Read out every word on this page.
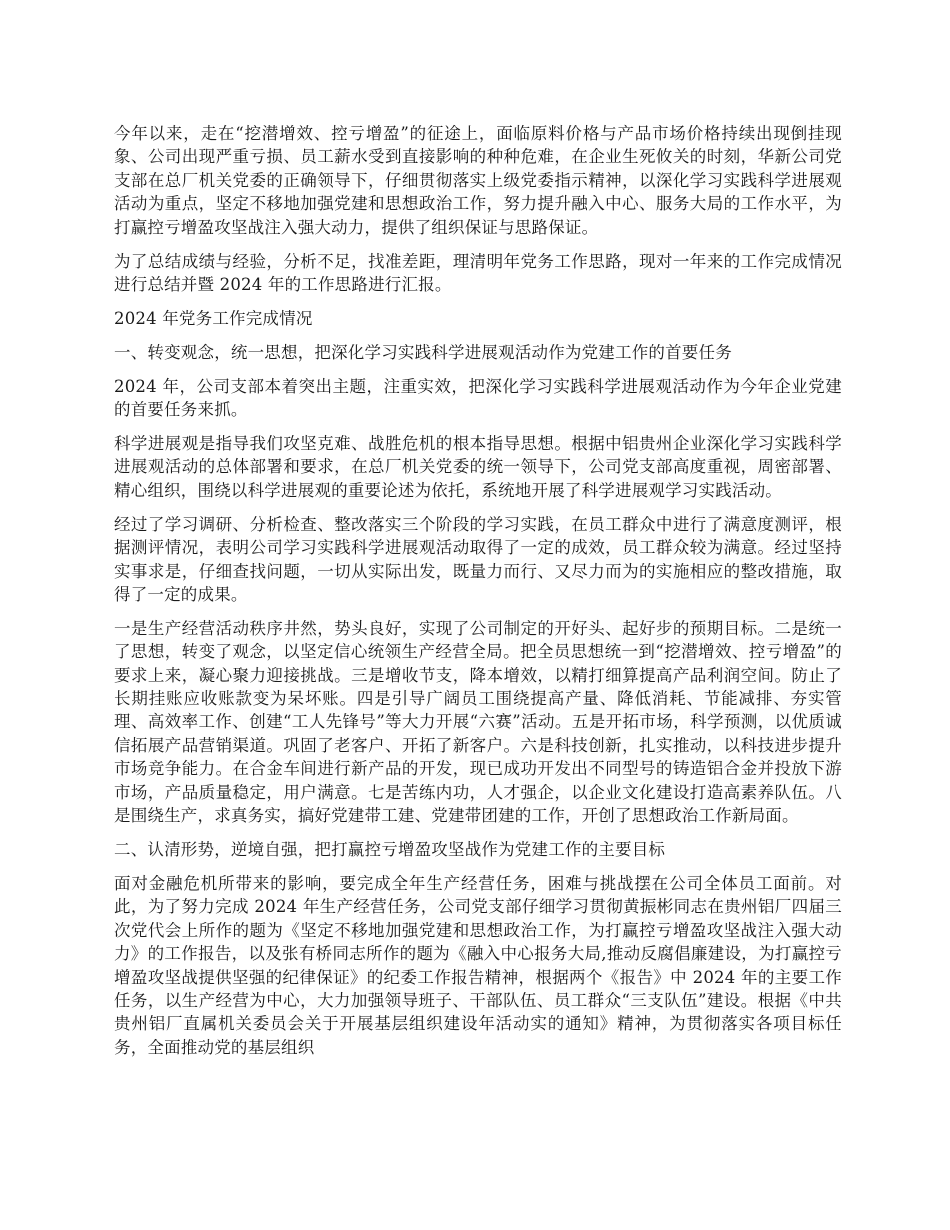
今年以来，走在“挖潜增效、控亏增盈”的征途上，面临原料价格与产品市场价格持续出现倒挂现象、公司出现严重亏损、员工薪水受到直接影响的种种危难，在企业生死攸关的时刻，华新公司党支部在总厂机关党委的正确领导下，仔细贯彻落实上级党委指示精神，以深化学习实践科学进展观活动为重点，坚定不移地加强党建和思想政治工作，努力提升融入中心、服务大局的工作水平，为打赢控亏增盈攻坚战注入强大动力，提供了组织保证与思路保证。

为了总结成绩与经验，分析不足，找准差距，理清明年党务工作思路，现对一年来的工作完成情况进行总结并暨 2024 年的工作思路进行汇报。

2024 年党务工作完成情况

一、转变观念，统一思想，把深化学习实践科学进展观活动作为党建工作的首要任务

2024 年，公司支部本着突出主题，注重实效，把深化学习实践科学进展观活动作为今年企业党建的首要任务来抓。

科学进展观是指导我们攻坚克难、战胜危机的根本指导思想。根据中铝贵州企业深化学习实践科学进展观活动的总体部署和要求，在总厂机关党委的统一领导下，公司党支部高度重视，周密部署、精心组织，围绕以科学进展观的重要论述为依托，系统地开展了科学进展观学习实践活动。

经过了学习调研、分析检查、整改落实三个阶段的学习实践，在员工群众中进行了满意度测评，根据测评情况，表明公司学习实践科学进展观活动取得了一定的成效，员工群众较为满意。经过坚持实事求是，仔细查找问题，一切从实际出发，既量力而行、又尽力而为的实施相应的整改措施，取得了一定的成果。

一是生产经营活动秩序井然，势头良好，实现了公司制定的开好头、起好步的预期目标。二是统一了思想，转变了观念，以坚定信心统领生产经营全局。把全员思想统一到“挖潜增效、控亏增盈”的要求上来，凝心聚力迎接挑战。三是增收节支，降本增效，以精打细算提高产品利润空间。防止了长期挂账应收账款变为呆坏账。四是引导广阔员工围绕提高产量、降低消耗、节能减排、夯实管理、高效率工作、创建“工人先锋号”等大力开展“六赛”活动。五是开拓市场，科学预测，以优质诚信拓展产品营销渠道。巩固了老客户、开拓了新客户。六是科技创新，扎实推动，以科技进步提升市场竞争能力。在合金车间进行新产品的开发，现已成功开发出不同型号的铸造铝合金并投放下游市场，产品质量稳定，用户满意。七是苦练内功，人才强企，以企业文化建设打造高素养队伍。八是围绕生产，求真务实，搞好党建带工建、党建带团建的工作，开创了思想政治工作新局面。

二、认清形势，逆境自强，把打赢控亏增盈攻坚战作为党建工作的主要目标

面对金融危机所带来的影响，要完成全年生产经营任务，困难与挑战摆在公司全体员工面前。对此，为了努力完成 2024 年生产经营任务，公司党支部仔细学习贯彻黄振彬同志在贵州铝厂四届三次党代会上所作的题为《坚定不移地加强党建和思想政治工作，为打赢控亏增盈攻坚战注入强大动力》的工作报告，以及张有桥同志所作的题为《融入中心报务大局,推动反腐倡廉建设，为打赢控亏增盈攻坚战提供坚强的纪律保证》的纪委工作报告精神，根据两个《报告》中 2024 年的主要工作任务，以生产经营为中心，大力加强领导班子、干部队伍、员工群众“三支队伍”建设。根据《中共贵州铝厂直属机关委员会关于开展基层组织建设年活动实的通知》精神，为贯彻落实各项目标任务，全面推动党的基层组织
